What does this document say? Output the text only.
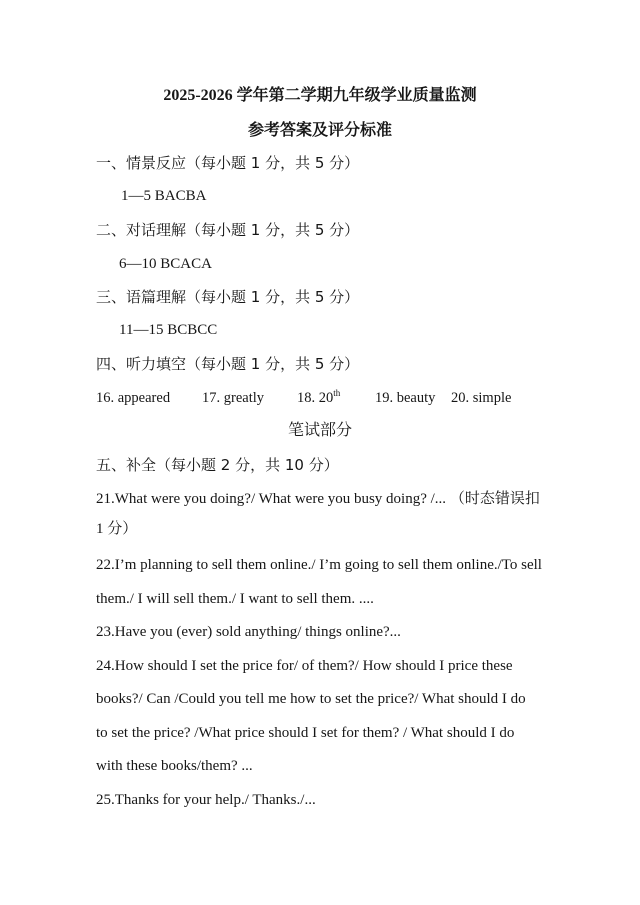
2025-2026 学年第二学期九年级学业质量监测
参考答案及评分标准
一、情景反应（每小题 1 分，共 5 分）
1—5 BACBA
二、对话理解（每小题 1 分，共 5 分）
6—10 BCACA
三、语篇理解（每小题 1 分，共 5 分）
11—15 BCBCC
四、听力填空（每小题 1 分，共 5 分）
16. appeared 17. greatly 18. 20th 19. beauty 20. simple
笔试部分
五、补全（每小题 2 分，共 10 分）
21.What were you doing?/ What were you busy doing? /... （时态错误扣
1 分）
22.I’m planning to sell them online./ I’m going to sell them online./To sell
them./ I will sell them./ I want to sell them. ....
23.Have you (ever) sold anything/ things online?...
24.How should I set the price for/ of them?/ How should I price these
books?/ Can /Could you tell me how to set the price?/ What should I do
to set the price? /What price should I set for them? / What should I do
with these books/them? ...
25.Thanks for your help./ Thanks./...
